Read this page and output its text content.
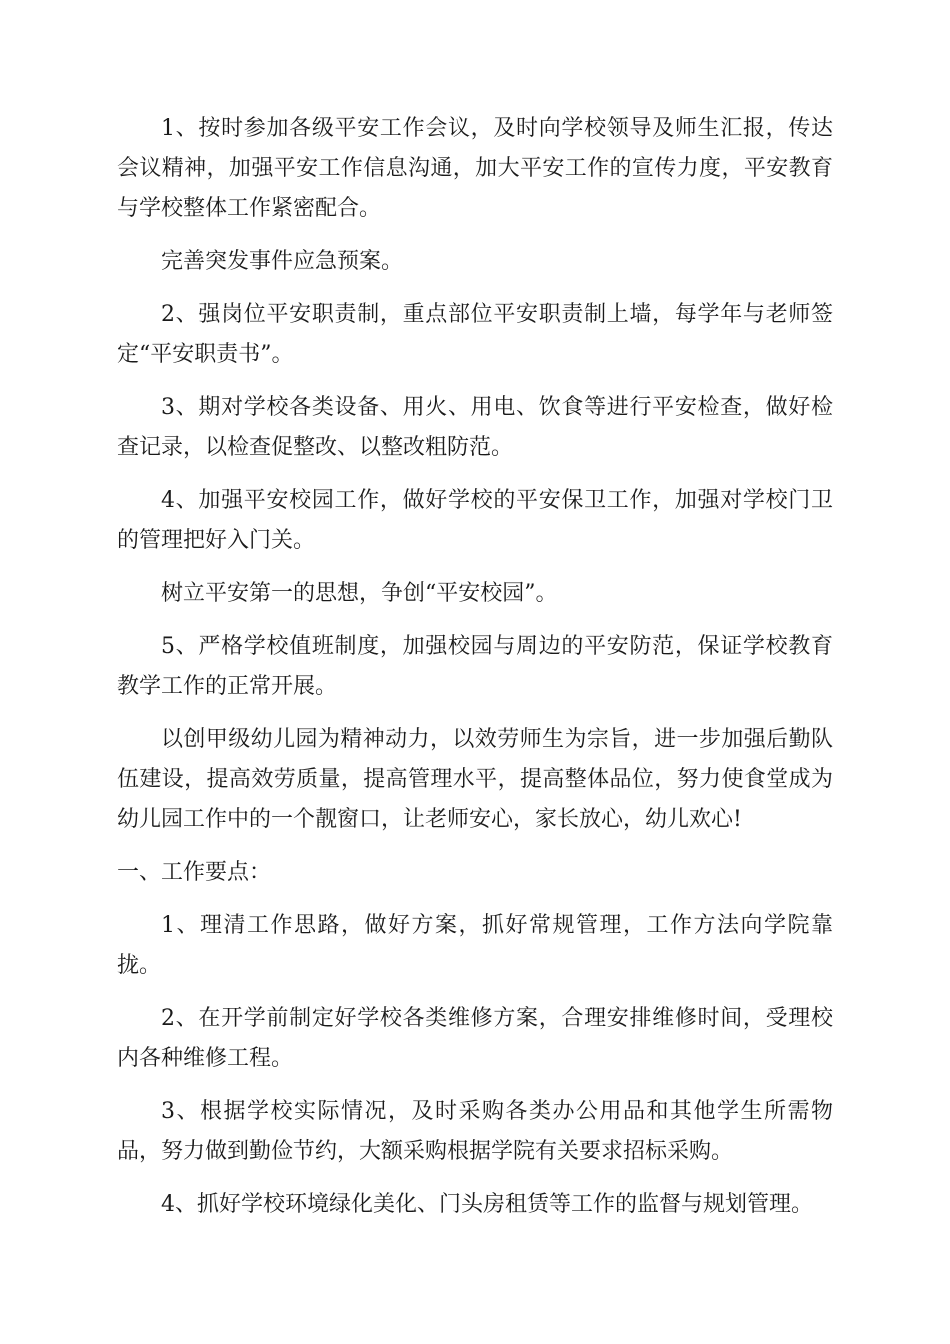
1、按时参加各级平安工作会议，及时向学校领导及师生汇报，传达会议精神，加强平安工作信息沟通，加大平安工作的宣传力度，平安教育与学校整体工作紧密配合。

完善突发事件应急预案。

2、强岗位平安职责制，重点部位平安职责制上墙，每学年与老师签定“平安职责书”。

3、期对学校各类设备、用火、用电、饮食等进行平安检查，做好检查记录，以检查促整改、以整改粗防范。

4、加强平安校园工作，做好学校的平安保卫工作，加强对学校门卫的管理把好入门关。

树立平安第一的思想，争创“平安校园”。

5、严格学校值班制度，加强校园与周边的平安防范，保证学校教育教学工作的正常开展。

以创甲级幼儿园为精神动力，以效劳师生为宗旨，进一步加强后勤队伍建设，提高效劳质量，提高管理水平，提高整体品位，努力使食堂成为幼儿园工作中的一个靓窗口，让老师安心，家长放心，幼儿欢心!

一、工作要点：

1、理清工作思路，做好方案，抓好常规管理，工作方法向学院靠拢。

2、在开学前制定好学校各类维修方案，合理安排维修时间，受理校内各种维修工程。

3、根据学校实际情况，及时采购各类办公用品和其他学生所需物品，努力做到勤俭节约，大额采购根据学院有关要求招标采购。

4、抓好学校环境绿化美化、门头房租赁等工作的监督与规划管理。
